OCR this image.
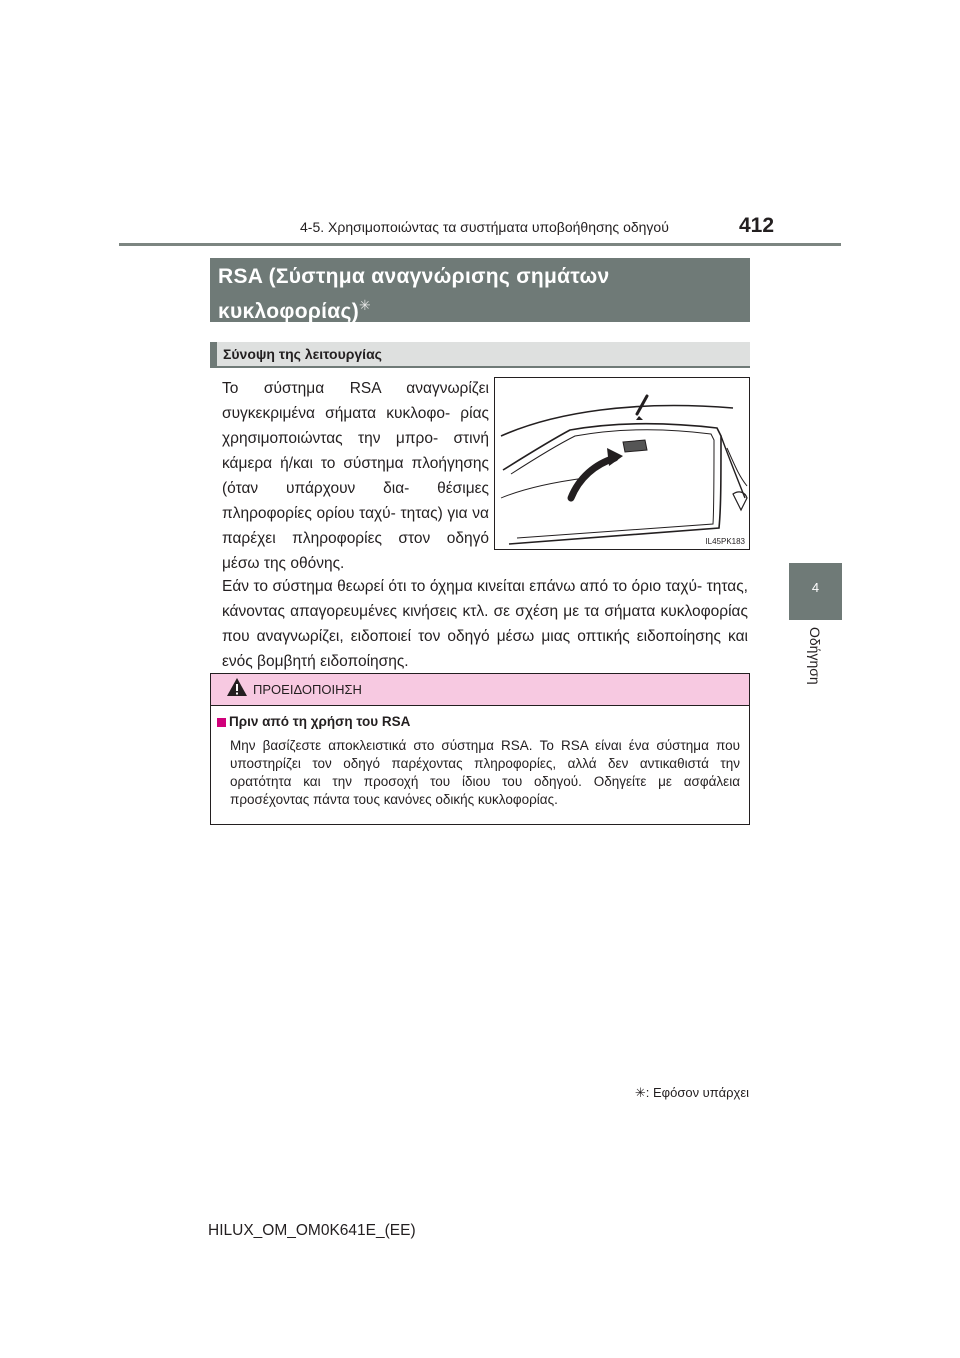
4-5. Χρησιμοποιώντας τα συστήματα υποβοήθησης οδηγού	412
4
Οδήγηση
RSA (Σύστημα αναγνώρισης σημάτων
κυκλοφορίας)✳
Σύνοψη της λειτουργίας
Το σύστημα RSA αναγνωρίζει συγκεκριμένα σήματα κυκλοφο- ρίας χρησιμοποιώντας την μπρο- στινή κάμερα ή/και το σύστημα πλοήγησης (όταν υπάρχουν δια- θέσιμες πληροφορίες ορίου ταχύ- τητας) για να παρέχει πληροφορίες στον οδηγό μέσω της οθόνης.
IL45PK183
Εάν το σύστημα θεωρεί ότι το όχημα κινείται επάνω από το όριο ταχύ- τητας, κάνοντας απαγορευμένες κινήσεις κτλ. σε σχέση με τα σήματα κυκλοφορίας που αναγνωρίζει, ειδοποιεί τον οδηγό μέσω μιας οπτικής ειδοποίησης και ενός βομβητή ειδοποίησης.
ΠΡΟΕΙΔΟΠΟΙΗΣΗ
Πριν από τη χρήση του RSA
Μην βασίζεστε αποκλειστικά στο σύστημα RSA. Το RSA είναι ένα σύστημα που υποστηρίζει τον οδηγό παρέχοντας πληροφορίες, αλλά δεν αντικαθιστά την ορατότητα και την προσοχή του ίδιου του οδηγού. Οδηγείτε με ασφάλεια προσέχοντας πάντα τους κανόνες οδικής κυκλοφορίας.
✳: Εφόσον υπάρχει
HILUX_OM_OM0K641E_(EE)
